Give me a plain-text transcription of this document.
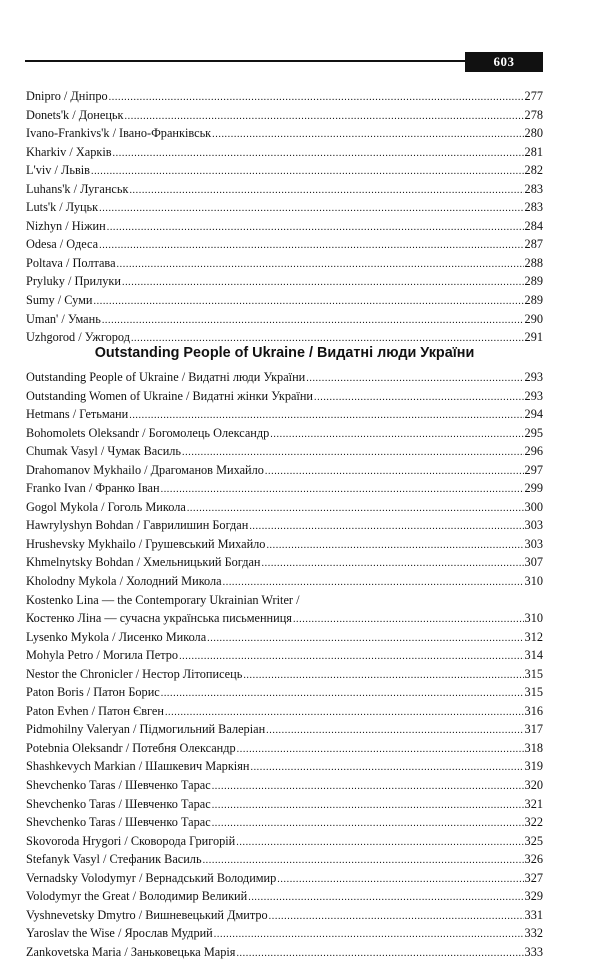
603
Dnipro / Дніпро .....	277
Donets'k / Донецьк .....	278
Ivano-Frankivs'k / Івано-Франківськ .....	280
Kharkiv / Харків .....	281
L'viv / Львів .....	282
Luhans'k / Луганськ .....	283
Luts'k / Луцьк .....	283
Nizhyn / Ніжин .....	284
Odesa / Одеса .....	287
Poltava / Полтава .....	288
Pryluky / Прилуки .....	289
Sumy / Суми .....	289
Uman' / Умань .....	290
Uzhgorod / Ужгород .....	291
Outstanding People of Ukraine / Видатні люди України
Outstanding People of Ukraine / Видатні люди України .....	293
Outstanding Women of Ukraine / Видатні жінки України .....	293
Hetmans / Гетьмани .....	294
Bohomolets Oleksandr / Богомолець Олександр .....	295
Chumak Vasyl / Чумак Василь .....	296
Drahomanov Mykhailo / Драгоманов Михайло .....	297
Franko Ivan / Франко Іван .....	299
Gogol Mykola / Гоголь Микола .....	300
Hawrylyshyn Bohdan / Гаврилишин Богдан .....	303
Hrushevsky Mykhailo / Грушевський Михайло .....	303
Khmelnytsky Bohdan / Хмельницький Богдан .....	307
Kholodny Mykola / Холодний Микола .....	310
Kostenko Lina — the Contemporary Ukrainian Writer /
Костенко Ліна — сучасна українська письменниця .....	310
Lysenko Mykola / Лисенко Микола .....	312
Mohyla Petro / Могила Петро .....	314
Nestor the Chronicler / Нестор Літописець .....	315
Paton Boris / Патон Борис .....	315
Paton Evhen / Патон Євген .....	316
Pidmohilny Valeryan / Підмогильний Валеріан .....	317
Potebnia Oleksandr / Потебня Олександр .....	318
Shashkevych Markian / Шашкевич Маркіян .....	319
Shevchenko Taras / Шевченко Тарас .....	320
Shevchenko Taras / Шевченко Тарас .....	321
Shevchenko Taras / Шевченко Тарас .....	322
Skovoroda Hrygori / Сковорода Григорій .....	325
Stefanyk Vasyl / Стефаник Василь .....	326
Vernadsky Volodymyr / Вернадський Володимир .....	327
Volodymyr the Great / Володимир Великий .....	329
Vyshnevetsky Dmytro / Вишневецький Дмитро .....	331
Yaroslav the Wise / Ярослав Мудрий .....	332
Zankovetska Maria / Заньковецька Марія .....	333
